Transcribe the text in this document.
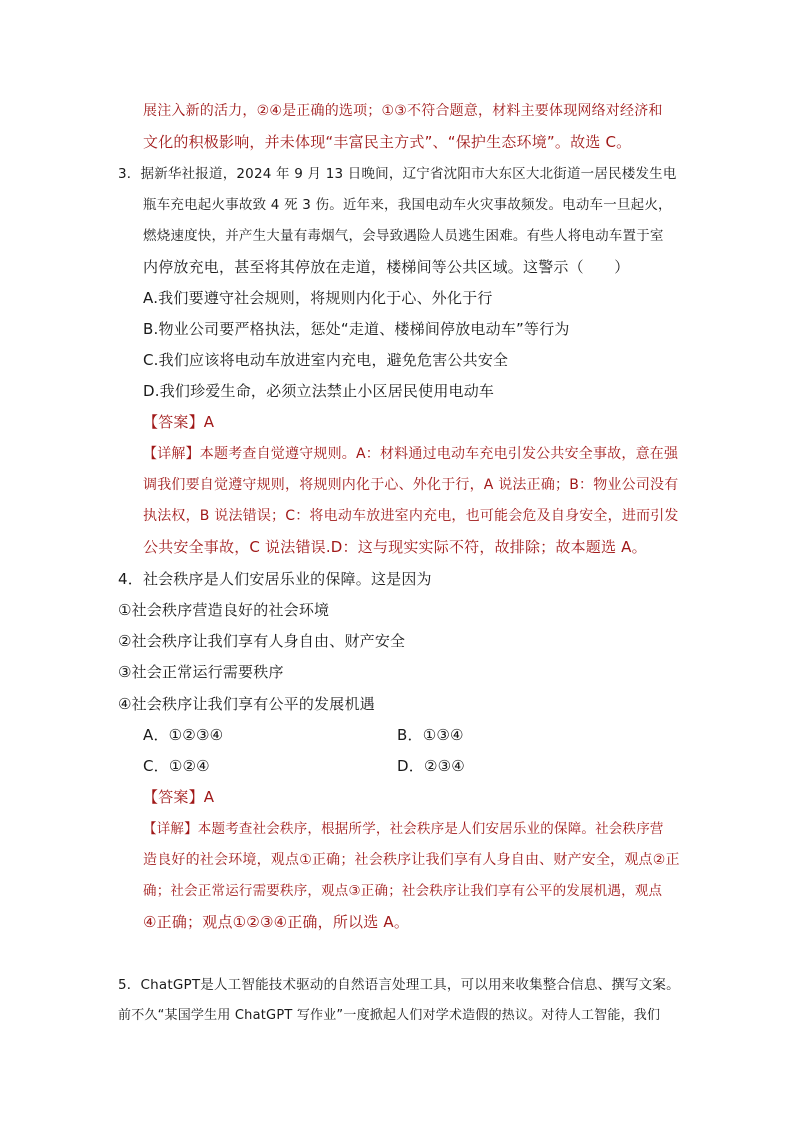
展注入新的活力，②④是正确的选项；①③不符合题意，材料主要体现网络对经济和
文化的积极影响，并未体现“丰富民主方式”、“保护生态环境”。故选 C。
3．据新华社报道，2024 年 9 月 13 日晚间，辽宁省沈阳市大东区大北街道一居民楼发生电
瓶车充电起火事故致 4 死 3 伤。近年来，我国电动车火灾事故频发。电动车一旦起火，
燃烧速度快，并产生大量有毒烟气，会导致遇险人员逃生困难。有些人将电动车置于室
内停放充电，甚至将其停放在走道，楼梯间等公共区域。这警示（　　）
A.我们要遵守社会规则，将规则内化于心、外化于行
B.物业公司要严格执法，惩处“走道、楼梯间停放电动车”等行为
C.我们应该将电动车放进室内充电，避免危害公共安全
D.我们珍爱生命，必须立法禁止小区居民使用电动车
【答案】A
【详解】本题考查自觉遵守规则。A：材料通过电动车充电引发公共安全事故，意在强
调我们要自觉遵守规则，将规则内化于心、外化于行，A 说法正确；B：物业公司没有
执法权，B 说法错误；C：将电动车放进室内充电，也可能会危及自身安全，进而引发
公共安全事故，C 说法错误.D：这与现实实际不符，故排除；故本题选 A。
4．社会秩序是人们安居乐业的保障。这是因为
①社会秩序营造良好的社会环境
②社会秩序让我们享有人身自由、财产安全
③社会正常运行需要秩序
④社会秩序让我们享有公平的发展机遇
A．①②③④	B．①③④
C．①②④	D．②③④
【答案】A
【详解】本题考查社会秩序，根据所学，社会秩序是人们安居乐业的保障。社会秩序营
造良好的社会环境，观点①正确；社会秩序让我们享有人身自由、财产安全，观点②正
确；社会正常运行需要秩序，观点③正确；社会秩序让我们享有公平的发展机遇，观点
④正确；观点①②③④正确，所以选 A。
5．ChatGPT是人工智能技术驱动的自然语言处理工具，可以用来收集整合信息、撰写文案。
前不久“某国学生用 ChatGPT 写作业”一度掀起人们对学术造假的热议。对待人工智能，我们
